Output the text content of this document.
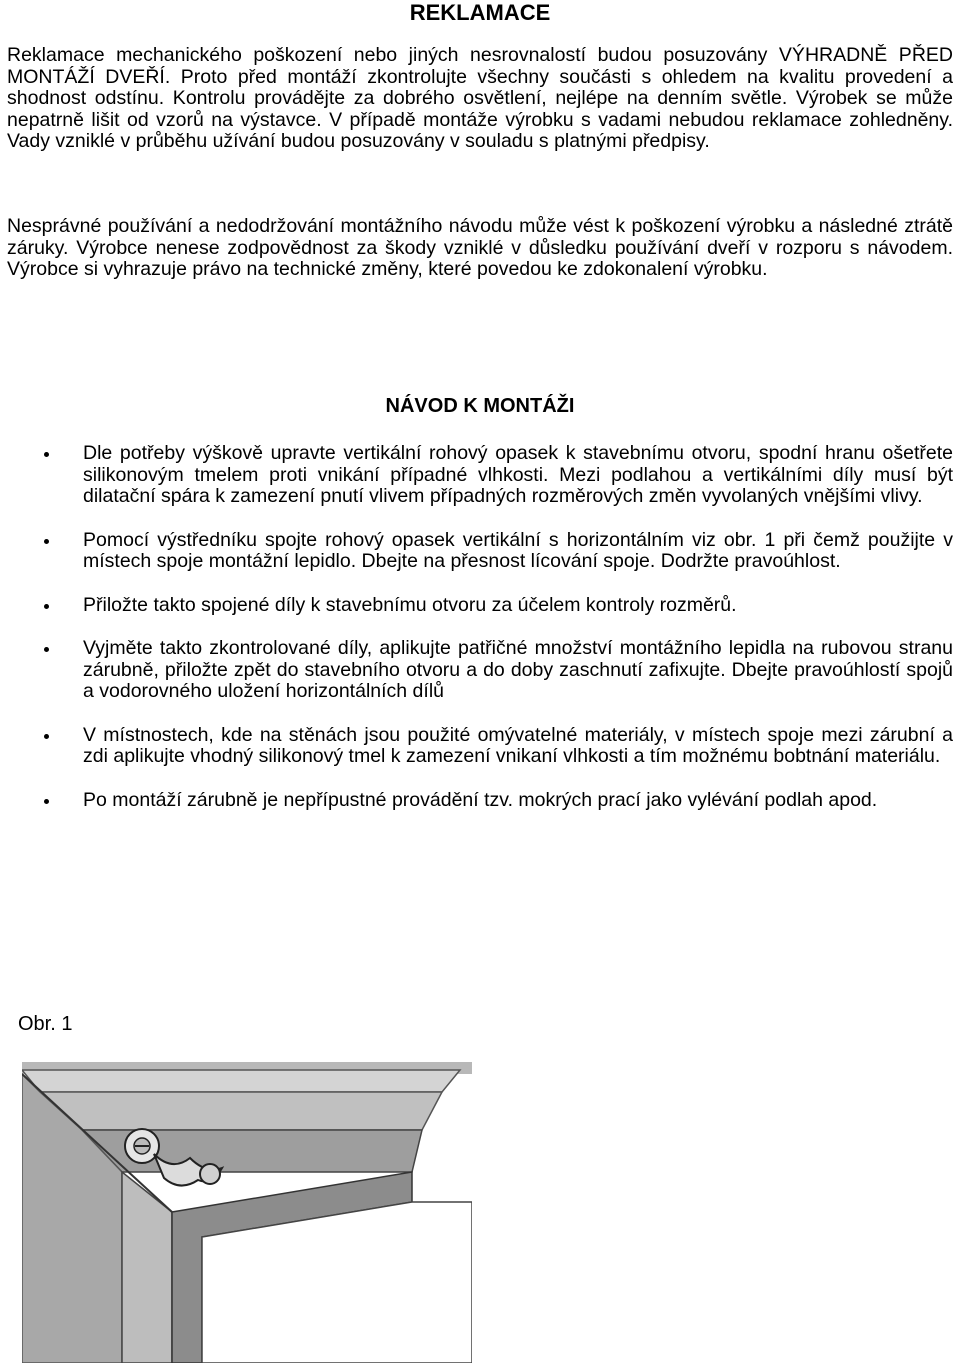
REKLAMACE

Reklamace mechanického poškození nebo jiných nesrovnalostí budou posuzovány VÝHRADNĚ PŘED MONTÁŽÍ DVEŘÍ. Proto před montáží zkontrolujte všechny součásti s ohledem na kvalitu provedení a shodnost odstínu. Kontrolu provádějte za dobrého osvětlení, nejlépe na denním světle. Výrobek se může nepatrně lišit od vzorů na výstavce. V případě montáže výrobku s vadami nebudou reklamace zohledněny. Vady vzniklé v průběhu užívání budou posuzovány v souladu s platnými předpisy.

Nesprávné používání a nedodržování montážního návodu může vést k poškození výrobku a následné ztrátě záruky. Výrobce nenese zodpovědnost za škody vzniklé v důsledku používání dveří v rozporu s návodem. Výrobce si vyhrazuje právo na technické změny, které povedou ke zdokonalení výrobku.

NÁVOD K MONTÁŽI
Dle potřeby výškově upravte vertikální rohový opasek k stavebnímu otvoru, spodní hranu ošetřete silikonovým tmelem proti vnikání případné vlhkosti. Mezi podlahou a vertikálními díly musí být dilatační spára k zamezení pnutí vlivem případných rozměrových změn vyvolaných vnějšími vlivy.
Pomocí výstředníku spojte rohový opasek vertikální s horizontálním viz obr. 1 při čemž použijte v místech spoje montážní lepidlo. Dbejte na přesnost lícování spoje. Dodržte pravoúhlost.
Přiložte takto spojené díly k stavebnímu otvoru za účelem kontroly rozměrů.
Vyjměte takto zkontrolované díly, aplikujte patřičné množství montážního lepidla na rubovou stranu zárubně, přiložte zpět do stavebního otvoru a do doby zaschnutí zafixujte. Dbejte pravoúhlostí spojů a vodorovného uložení horizontálních dílů
V místnostech, kde na stěnách jsou použité omývatelné materiály, v místech spoje mezi zárubní a zdi aplikujte vhodný silikonový tmel k zamezení vnikaní vlhkosti a tím možnému bobtnání materiálu.
Po montáží zárubně je nepřípustné provádění tzv. mokrých prací jako vylévání podlah apod.
Obr. 1
